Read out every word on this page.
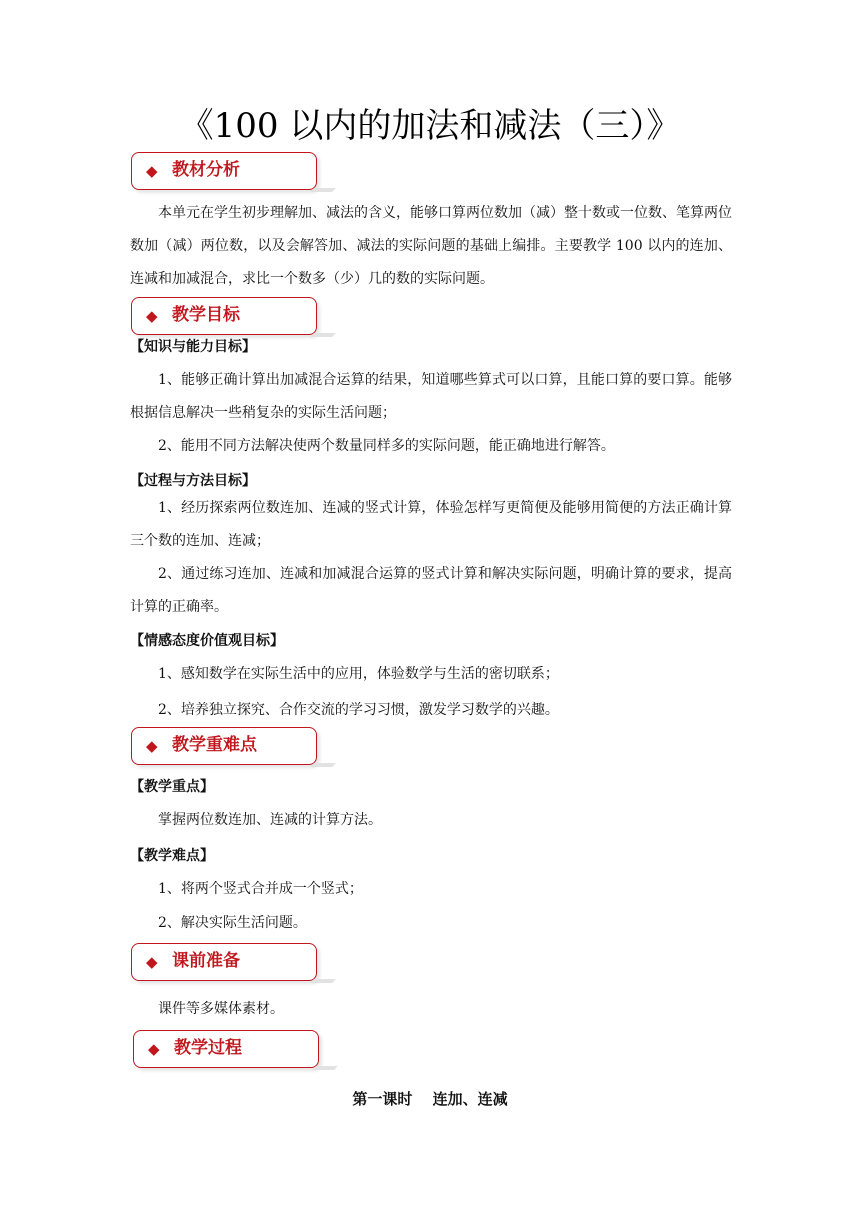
《100 以内的加法和减法（三）》
◆ 教材分析
本单元在学生初步理解加、减法的含义，能够口算两位数加（减）整十数或一位数、笔算两位数加（减）两位数，以及会解答加、减法的实际问题的基础上编排。主要教学 100 以内的连加、连减和加减混合，求比一个数多（少）几的数的实际问题。
◆ 教学目标
【知识与能力目标】
1、能够正确计算出加减混合运算的结果，知道哪些算式可以口算，且能口算的要口算。能够根据信息解决一些稍复杂的实际生活问题；
2、能用不同方法解决使两个数量同样多的实际问题，能正确地进行解答。
【过程与方法目标】
1、经历探索两位数连加、连减的竖式计算，体验怎样写更简便及能够用简便的方法正确计算三个数的连加、连减；
2、通过练习连加、连减和加减混合运算的竖式计算和解决实际问题，明确计算的要求，提高计算的正确率。
【情感态度价值观目标】
1、感知数学在实际生活中的应用，体验数学与生活的密切联系；
2、培养独立探究、合作交流的学习习惯，激发学习数学的兴趣。
◆ 教学重难点
【教学重点】
掌握两位数连加、连减的计算方法。
【教学难点】
1、将两个竖式合并成一个竖式；
2、解决实际生活问题。
◆ 课前准备
课件等多媒体素材。
◆ 教学过程
第一课时　 连加、连减
